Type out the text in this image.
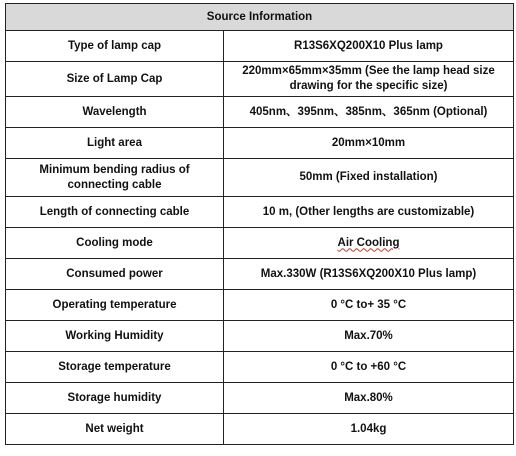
Source Information	
Type of lamp cap	R13S6XQ200X10 Plus lamp
Size of Lamp Cap	220mm×65mm×35mm (See the lamp head size drawing for the specific size)
Wavelength	405nm、395nm、385nm、365nm (Optional)
Light area	20mm×10mm
Minimum bending radius of connecting cable	50mm (Fixed installation)
Length of connecting cable	10 m, (Other lengths are customizable)
Cooling mode	Air Cooling
Consumed power	Max.330W (R13S6XQ200X10 Plus lamp)
Operating temperature	0 °C to+ 35 °C
Working Humidity	Max.70%
Storage temperature	0 °C to +60 °C
Storage humidity	Max.80%
Net weight	1.04kg
